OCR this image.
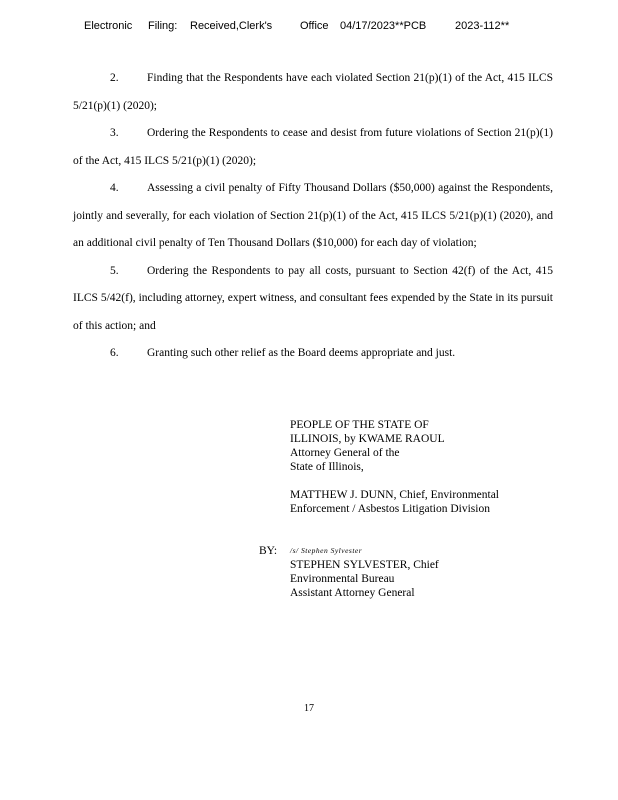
Electronic Filing: Received,Clerk's	Office 04/17/2023**PCB	2023-112**

2. Finding that the Respondents have each violated Section 21(p)(1) of the Act, 415 ILCS 5/21(p)(1) (2020);

3. Ordering the Respondents to cease and desist from future violations of Section 21(p)(1) of the Act, 415 ILCS 5/21(p)(1) (2020);

4. Assessing a civil penalty of Fifty Thousand Dollars ($50,000) against the Respondents, jointly and severally, for each violation of Section 21(p)(1) of the Act, 415 ILCS 5/21(p)(1) (2020), and an additional civil penalty of Ten Thousand Dollars ($10,000) for each day of violation;

5. Ordering the Respondents to pay all costs, pursuant to Section 42(f) of the Act, 415 ILCS 5/42(f), including attorney, expert witness, and consultant fees expended by the State in its pursuit of this action; and

6. Granting such other relief as the Board deems appropriate and just.

PEOPLE OF THE STATE OF
ILLINOIS, by KWAME RAOUL
Attorney General of the
State of Illinois,
MATTHEW J. DUNN, Chief, Environmental
Enforcement / Asbestos Litigation Division
BY: /s/ Stephen Sylvester
STEPHEN SYLVESTER, Chief
Environmental Bureau
Assistant Attorney General
17
